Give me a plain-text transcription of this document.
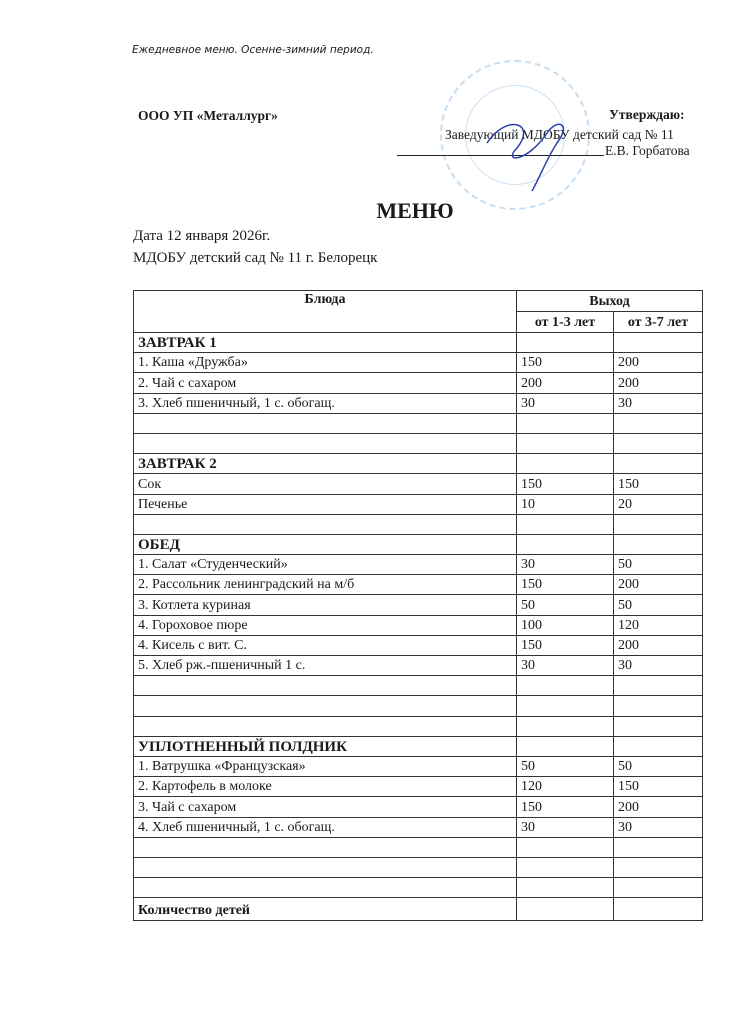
Ежедневное меню. Осенне-зимний период.
ООО УП «Металлург»	Утверждаю:
Заведующий МДОБУ детский сад № 11
Е.В. Горбатова
МЕНЮ
Дата 12 января 2026г.
МДОБУ детский сад № 11 г. Белорецк
Блюда	Выход	
	от 1-3 лет	от 3-7 лет
ЗАВТРАК 1		
1. Каша «Дружба»	150	200
2. Чай с сахаром	200	200
3. Хлеб пшеничный, 1 с. обогащ.	30	30

ЗАВТРАК 2		
Сок	150	150
Печенье	10	20

ОБЕД		
1. Салат «Студенческий»	30	50
2. Рассольник ленинградский на м/б	150	200
3. Котлета куриная	50	50
4. Гороховое пюре	100	120
4. Кисель с вит. С.	150	200
5. Хлеб рж.-пшеничный 1 с.	30	30

УПЛОТНЕННЫЙ ПОЛДНИК		
1. Ватрушка «Французская»	50	50
2. Картофель в молоке	120	150
3. Чай с сахаром	150	200
4. Хлеб пшеничный, 1 с. обогащ.	30	30

Количество детей		
